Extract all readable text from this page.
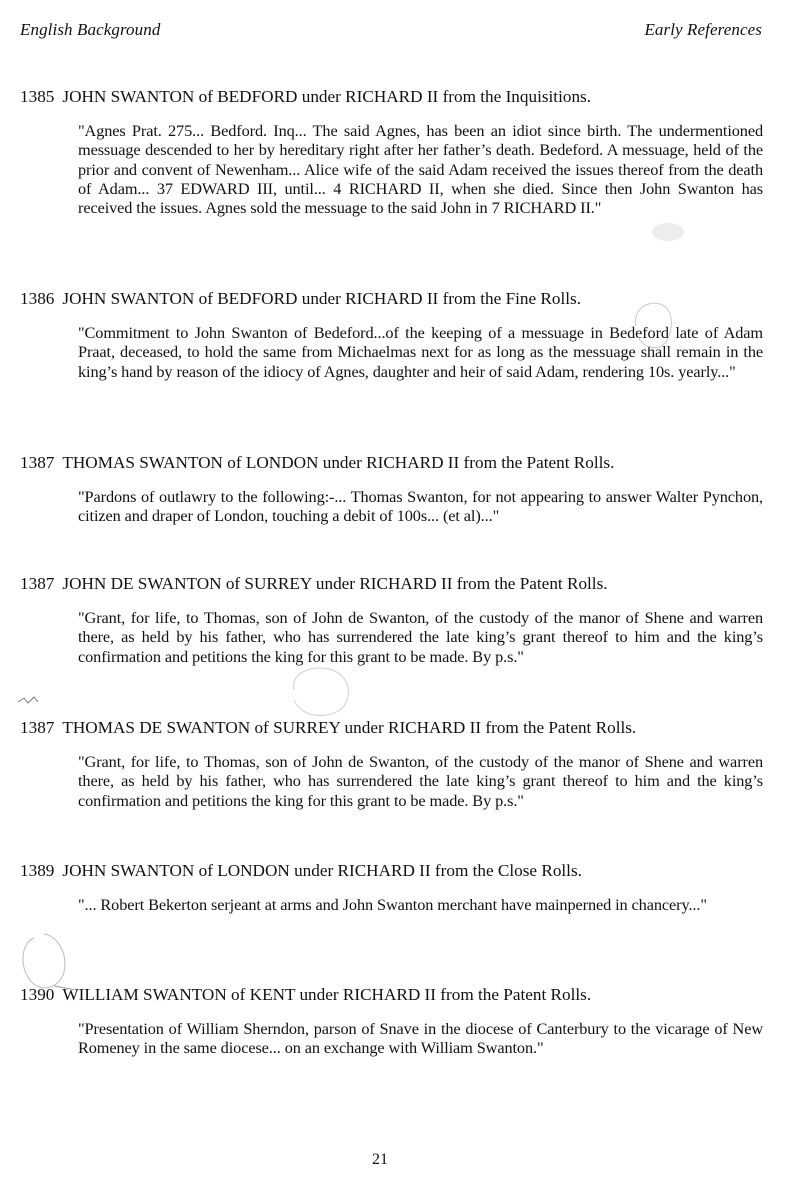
English Background	Early References
1385 JOHN SWANTON of BEDFORD under RICHARD II from the Inquisitions.
"Agnes Prat. 275... Bedford. Inq... The said Agnes, has been an idiot since birth. The undermentioned messuage descended to her by hereditary right after her father’s death. Bedeford. A messuage, held of the prior and convent of Newenham... Alice wife of the said Adam received the issues thereof from the death of Adam... 37 EDWARD III, until... 4 RICHARD II, when she died. Since then John Swanton has received the issues. Agnes sold the messuage to the said John in 7 RICHARD II."
1386 JOHN SWANTON of BEDFORD under RICHARD II from the Fine Rolls.
"Commitment to John Swanton of Bedeford...of the keeping of a messuage in Bedeford late of Adam Praat, deceased, to hold the same from Michaelmas next for as long as the messuage shall remain in the king’s hand by reason of the idiocy of Agnes, daughter and heir of said Adam, rendering 10s. yearly..."
1387 THOMAS SWANTON of LONDON under RICHARD II from the Patent Rolls.
"Pardons of outlawry to the following:-... Thomas Swanton, for not appearing to answer Walter Pynchon, citizen and draper of London, touching a debit of 100s... (et al)..."
1387 JOHN DE SWANTON of SURREY under RICHARD II from the Patent Rolls.
"Grant, for life, to Thomas, son of John de Swanton, of the custody of the manor of Shene and warren there, as held by his father, who has surrendered the late king’s grant thereof to him and the king’s confirmation and petitions the king for this grant to be made. By p.s."
1387 THOMAS DE SWANTON of SURREY under RICHARD II from the Patent Rolls.
"Grant, for life, to Thomas, son of John de Swanton, of the custody of the manor of Shene and warren there, as held by his father, who has surrendered the late king’s grant thereof to him and the king’s confirmation and petitions the king for this grant to be made. By p.s."
1389 JOHN SWANTON of LONDON under RICHARD II from the Close Rolls.
"... Robert Bekerton serjeant at arms and John Swanton merchant have mainperned in chancery..."
1390 WILLIAM SWANTON of KENT under RICHARD II from the Patent Rolls.
"Presentation of William Sherndon, parson of Snave in the diocese of Canterbury to the vicarage of New Romeney in the same diocese... on an exchange with William Swanton."
21
